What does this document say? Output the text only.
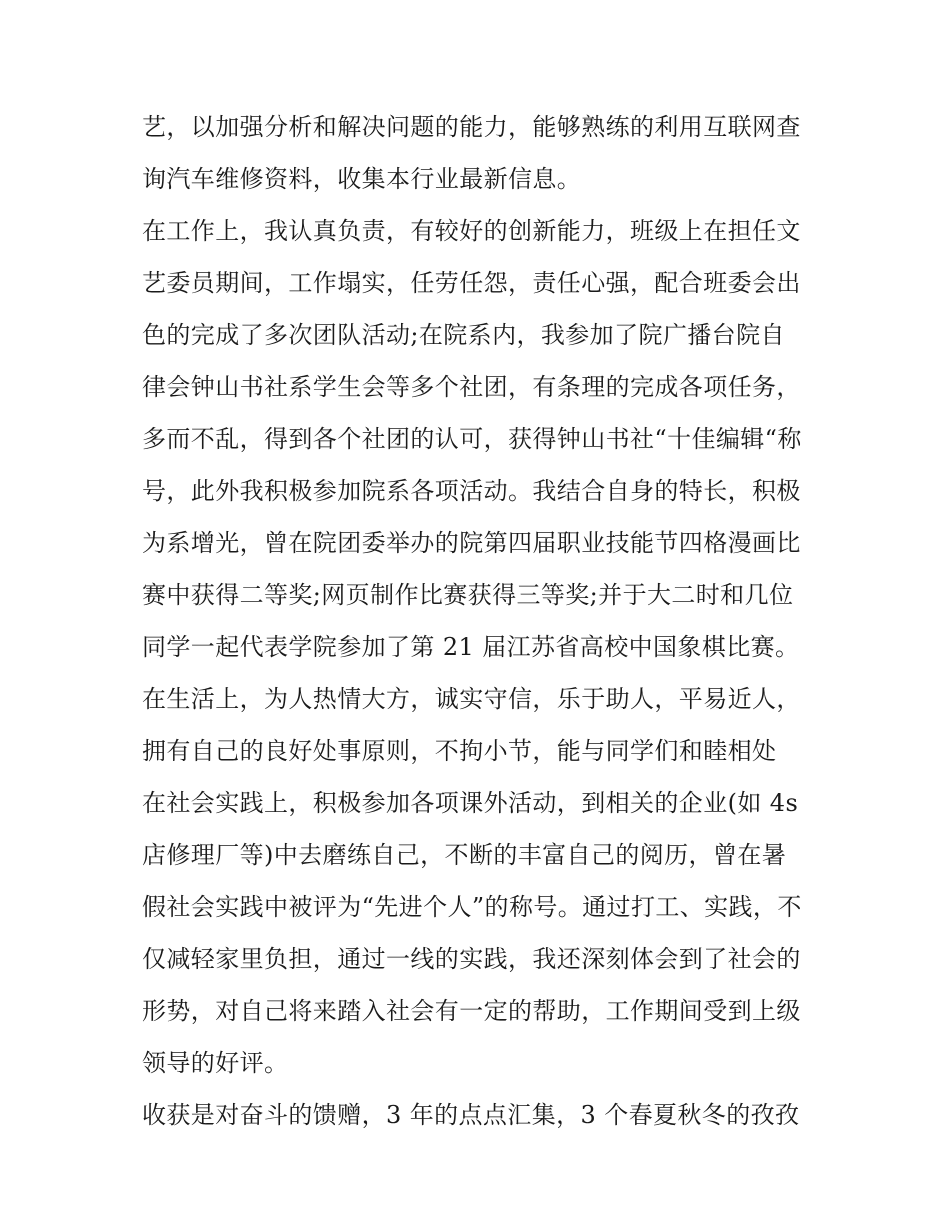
艺，以加强分析和解决问题的能力，能够熟练的利用互联网查
询汽车维修资料，收集本行业最新信息。
在工作上，我认真负责，有较好的创新能力，班级上在担任文
艺委员期间，工作塌实，任劳任怨，责任心强，配合班委会出
色的完成了多次团队活动;在院系内，我参加了院广播台院自
律会钟山书社系学生会等多个社团，有条理的完成各项任务，
多而不乱，得到各个社团的认可，获得钟山书社“十佳编辑“称
号，此外我积极参加院系各项活动。我结合自身的特长，积极
为系增光，曾在院团委举办的院第四届职业技能节四格漫画比
赛中获得二等奖;网页制作比赛获得三等奖;并于大二时和几位
同学一起代表学院参加了第 21 届江苏省高校中国象棋比赛。
在生活上，为人热情大方，诚实守信，乐于助人，平易近人，
拥有自己的良好处事原则，不拘小节，能与同学们和睦相处
在社会实践上，积极参加各项课外活动，到相关的企业(如 4s
店修理厂等)中去磨练自己，不断的丰富自己的阅历，曾在暑
假社会实践中被评为“先进个人”的称号。通过打工、实践，不
仅减轻家里负担，通过一线的实践，我还深刻体会到了社会的
形势，对自己将来踏入社会有一定的帮助，工作期间受到上级
领导的好评。
收获是对奋斗的馈赠，3 年的点点汇集，3 个春夏秋冬的孜孜
